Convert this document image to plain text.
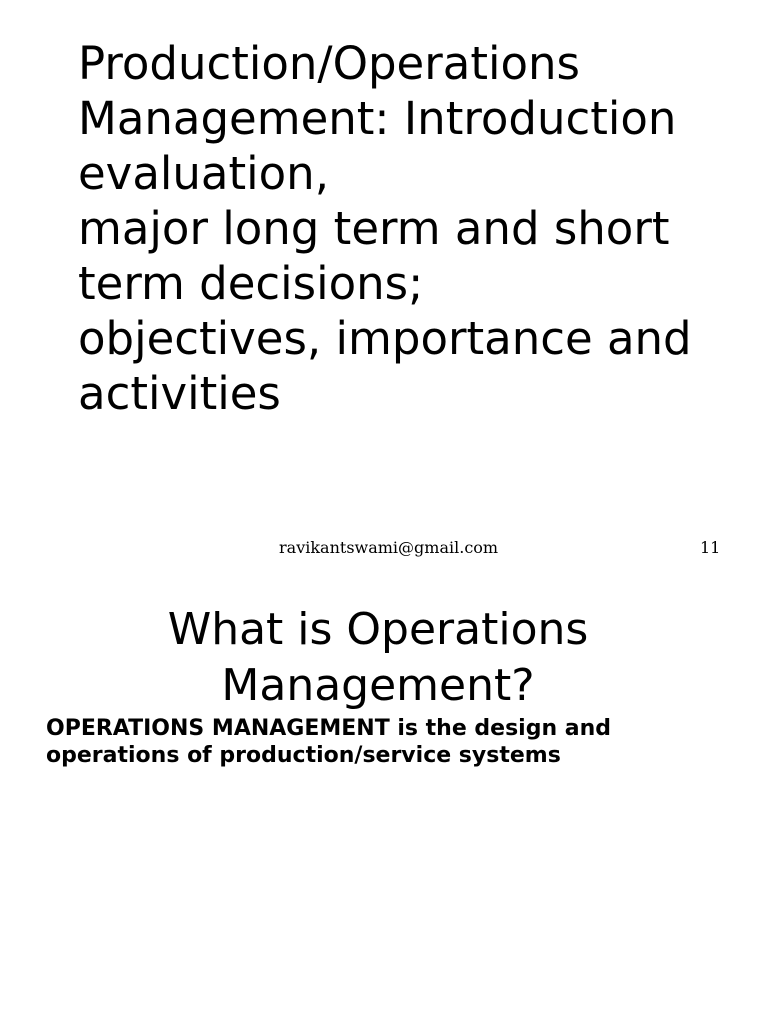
Production/Operations
Management: Introduction
evaluation,
major long term and short
term decisions;
objectives, importance and
activities
ravikantswami@gmail.com	11
What is Operations
Management?

OPERATIONS MANAGEMENT is the design and
operations of production/service systems
